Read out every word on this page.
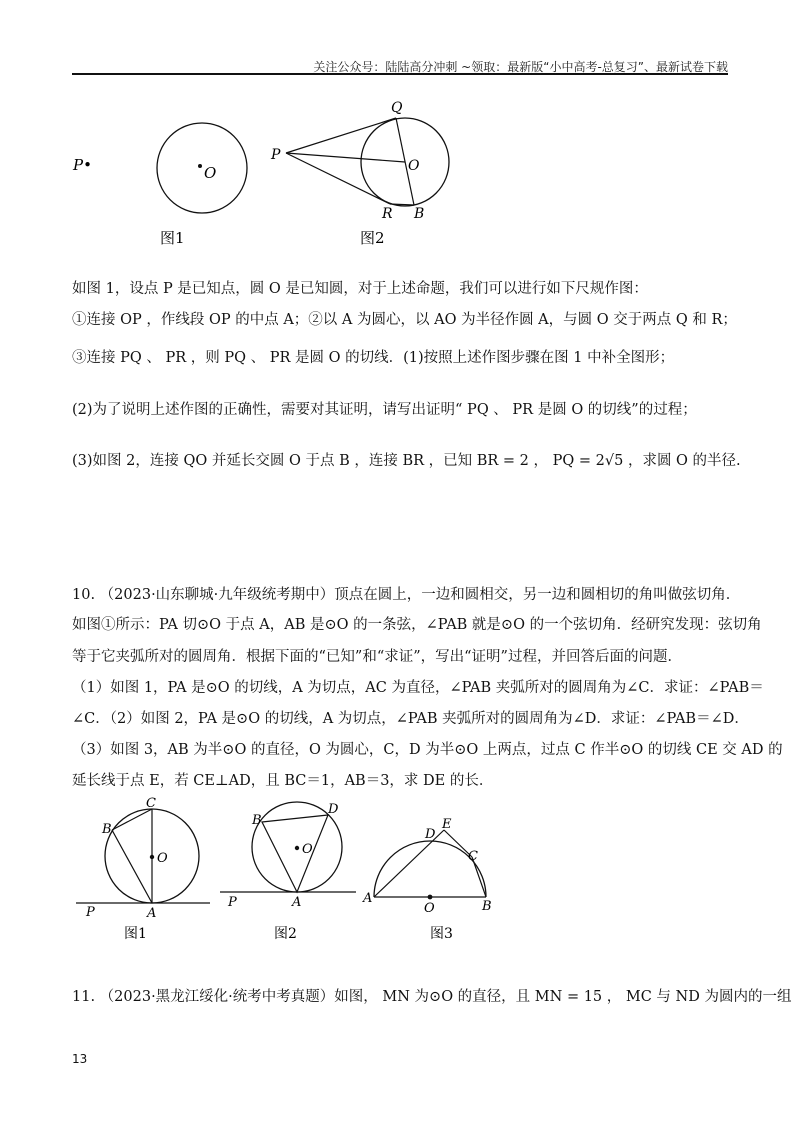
关注公众号：陆陆高分冲刺 ~领取：最新版“小中高考-总复习”、最新试卷下载
P•	O
图1
P
Q
O
R B
图2
如图 1，设点 P 是已知点，圆 O 是已知圆，对于上述命题，我们可以进行如下尺规作图：
①连接 OP ，作线段 OP 的中点 A；②以 A 为圆心，以 AO 为半径作圆 A，与圆 O 交于两点 Q 和 R；
③连接 PQ 、 PR ，则 PQ 、 PR 是圆 O 的切线．(1)按照上述作图步骤在图 1 中补全图形；
(2)为了说明上述作图的正确性，需要对其证明，请写出证明“ PQ 、 PR 是圆 O 的切线”的过程；
(3)如图 2，连接 QO 并延长交圆 O 于点 B ，连接 BR ，已知 BR = 2 ， PQ = 2√5 ，求圆 O 的半径.
10. （2023·山东聊城·九年级统考期中）顶点在圆上，一边和圆相交，另一边和圆相切的角叫做弦切角．
如图①所示：PA 切⊙O 于点 A，AB 是⊙O 的一条弦，∠PAB 就是⊙O 的一个弦切角．经研究发现：弦切角
等于它夹弧所对的圆周角．根据下面的“已知”和“求证”，写出“证明”过程，并回答后面的问题．
（1）如图 1，PA 是⊙O 的切线，A 为切点，AC 为直径，∠PAB 夹弧所对的圆周角为∠C．求证：∠PAB＝
∠C．（2）如图 2，PA 是⊙O 的切线，A 为切点，∠PAB 夹弧所对的圆周角为∠D．求证：∠PAB＝∠D．
（3）如图 3，AB 为半⊙O 的直径，O 为圆心，C，D 为半⊙O 上两点，过点 C 作半⊙O 的切线 CE 交 AD 的
延长线于点 E，若 CE⊥AD，且 BC＝1，AB＝3，求 DE 的长．
C
B
O
P	A
图1
D
B
O
P	A
图2
D
E
C
A
O	B
图3
11. （2023·黑龙江绥化·统考中考真题）如图， MN 为⊙O 的直径，且 MN = 15 ， MC 与 ND 为圆内的一组
13
